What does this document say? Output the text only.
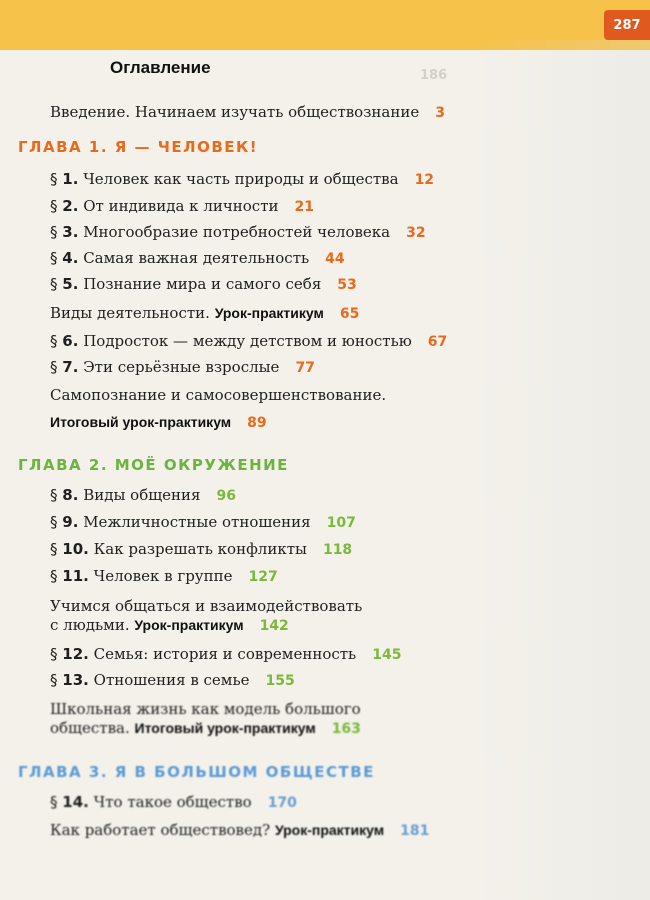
287
186
Оглавление
Введение. Начинаем изучать обществознание 3
ГЛАВА 1. Я — ЧЕЛОВЕК!
§ 1. Человек как часть природы и общества 12
§ 2. От индивида к личности 21
§ 3. Многообразие потребностей человека 32
§ 4. Самая важная деятельность 44
§ 5. Познание мира и самого себя 53
Виды деятельности. Урок-практикум 65
§ 6. Подросток — между детством и юностью 67
§ 7. Эти серьёзные взрослые 77
Самопознание и самосовершенствование.
Итоговый урок-практикум 89
ГЛАВА 2. МОЁ ОКРУЖЕНИЕ
§ 8. Виды общения 96
§ 9. Межличностные отношения 107
§ 10. Как разрешать конфликты 118
§ 11. Человек в группе 127
Учимся общаться и взаимодействовать
с людьми. Урок-практикум 142
§ 12. Семья: история и современность 145
§ 13. Отношения в семье 155
Школьная жизнь как модель большого
общества. Итоговый урок-практикум 163
ГЛАВА 3. Я В БОЛЬШОМ ОБЩЕСТВЕ
§ 14. Что такое общество 170
Как работает обществовед? Урок-практикум 181
